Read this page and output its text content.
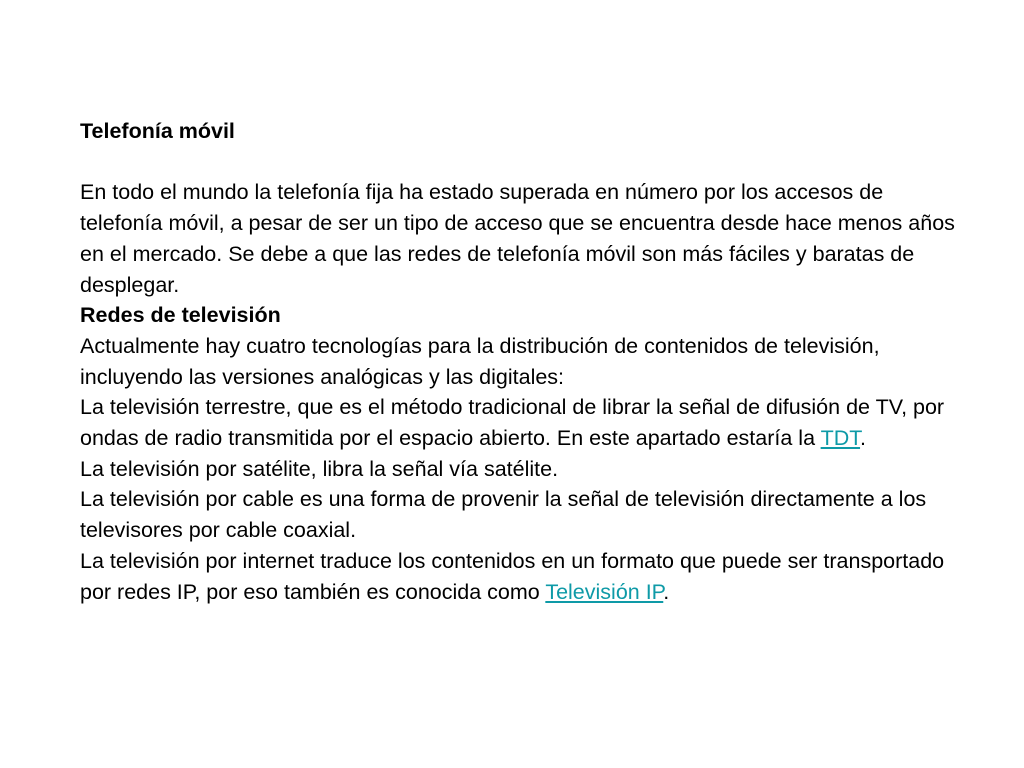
Telefonía móvil

En todo el mundo la telefonía fija ha estado superada en número por los accesos de telefonía móvil, a pesar de ser un tipo de acceso que se encuentra desde hace menos años en el mercado. Se debe a que las redes de telefonía móvil son más fáciles y baratas de desplegar.

Redes de televisión

Actualmente hay cuatro tecnologías para la distribución de contenidos de televisión, incluyendo las versiones analógicas y las digitales:

La televisión terrestre, que es el método tradicional de librar la señal de difusión de TV, por ondas de radio transmitida por el espacio abierto. En este apartado estaría la TDT.

La televisión por satélite, libra la señal vía satélite.

La televisión por cable es una forma de provenir la señal de televisión directamente a los televisores por cable coaxial.

La televisión por internet traduce los contenidos en un formato que puede ser transportado por redes IP, por eso también es conocida como Televisión IP.
